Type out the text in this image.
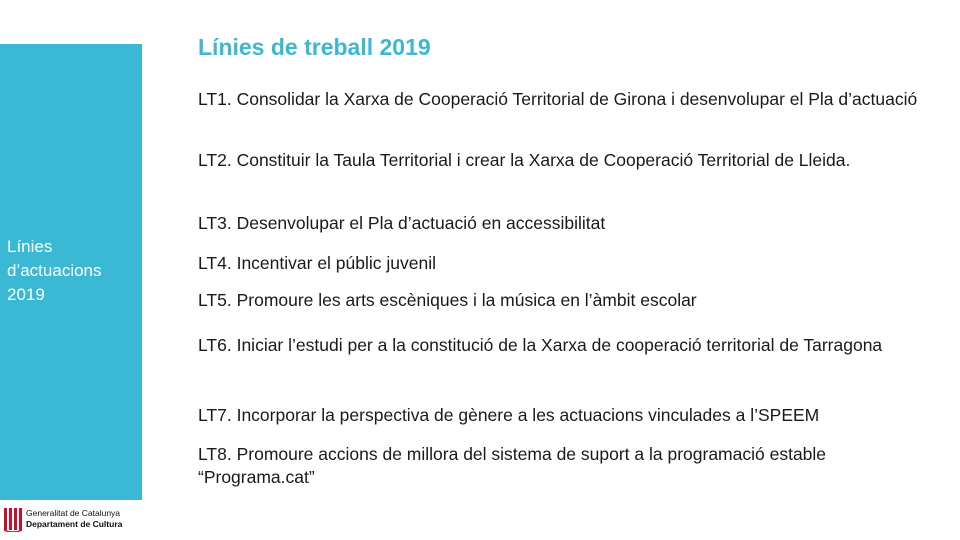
Línies d’actuacions 2019
Generalitat de Catalunya
Departament de Cultura
Línies de treball 2019
LT1. Consolidar la Xarxa de Cooperació Territorial de Girona i desenvolupar el Pla d’actuació
LT2. Constituir la Taula Territorial i crear la Xarxa de Cooperació Territorial de Lleida.
LT3. Desenvolupar el Pla d’actuació en accessibilitat
LT4. Incentivar el públic juvenil
LT5. Promoure les arts escèniques i la música en l’àmbit escolar
LT6. Iniciar l’estudi per a la constitució de la Xarxa de cooperació territorial de Tarragona
LT7. Incorporar la perspectiva de gènere a les actuacions vinculades a l’SPEEM
LT8. Promoure accions de millora del sistema de suport a la programació estable “Programa.cat”
